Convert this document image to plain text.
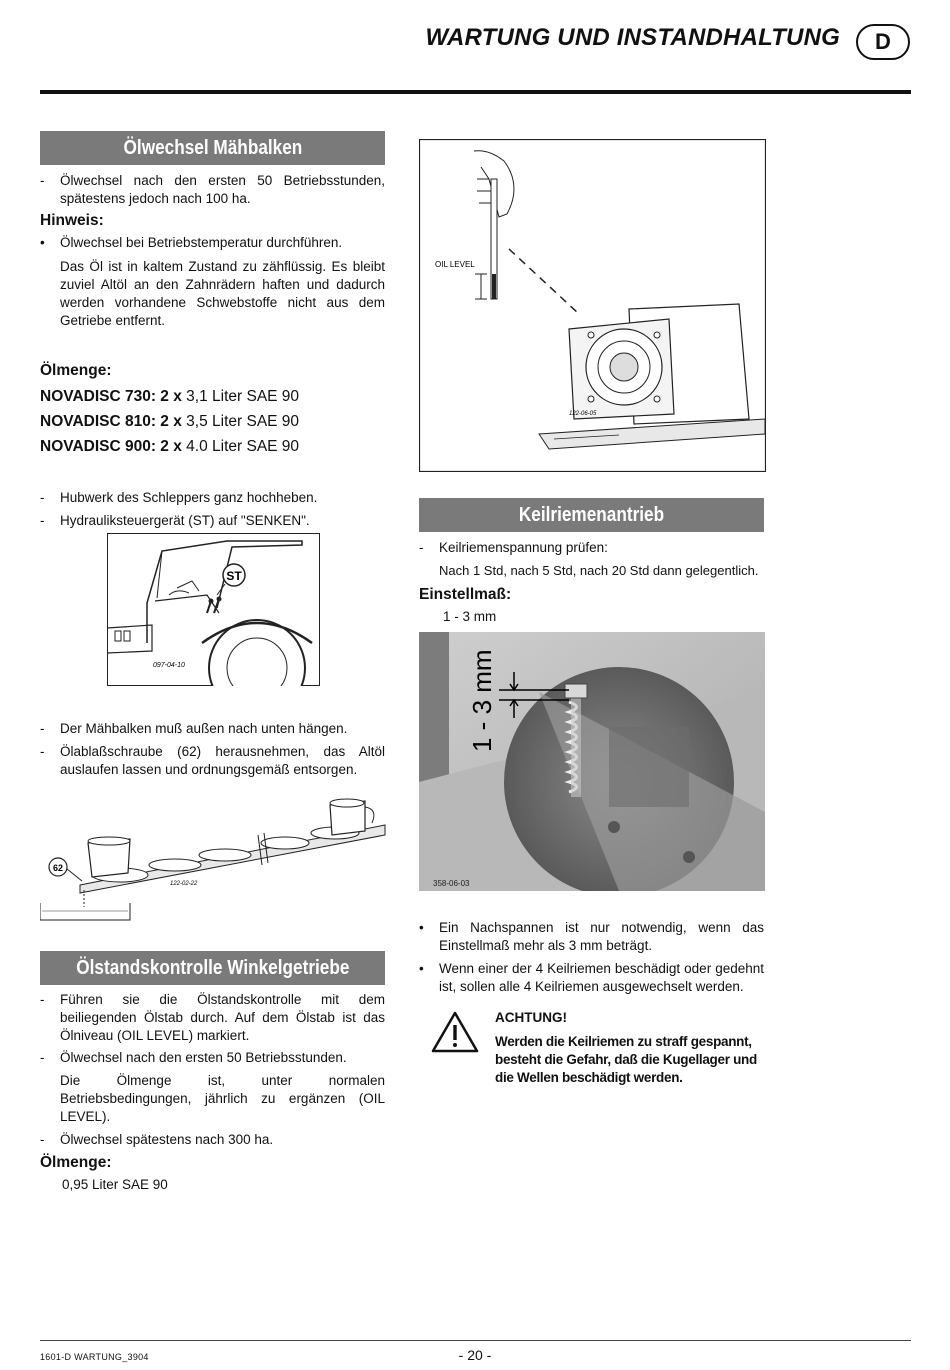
WARTUNG UND INSTANDHALTUNG	D
Ölwechsel Mähbalken
- Ölwechsel nach den ersten 50 Betriebsstunden, spätestens jedoch nach 100 ha.
Hinweis:
• Ölwechsel bei Betriebstemperatur durchführen.
Das Öl ist in kaltem Zustand zu zähflüssig. Es bleibt zuviel Altöl an den Zahnrädern haften und dadurch werden vorhandene Schwebstoffe nicht aus dem Getriebe entfernt.
Ölmenge:
NOVADISC 730: 2 x 3,1 Liter SAE 90
NOVADISC 810: 2 x 3,5 Liter SAE 90
NOVADISC 900: 2 x 4.0 Liter SAE 90
- Hubwerk des Schleppers ganz hochheben.
- Hydrauliksteuergerät (ST) auf "SENKEN".
ST
097-04-10
- Der Mähbalken muß außen nach unten hängen.
- Ölablaßschraube (62) herausnehmen, das Altöl auslaufen lassen und ordnungsgemäß entsorgen.
62
122-02-22
Ölstandskontrolle Winkelgetriebe
- Führen sie die Ölstandskontrolle mit dem beiliegenden Ölstab durch. Auf dem Ölstab ist das Ölniveau (OIL LEVEL) markiert.
- Ölwechsel nach den ersten 50 Betriebsstunden.
Die Ölmenge ist, unter normalen Betriebsbedingungen, jährlich zu ergänzen (OIL LEVEL).
- Ölwechsel spätestens nach 300 ha.
Ölmenge:
0,95 Liter SAE 90
OIL LEVEL
122-06-05
Keilriemenantrieb
- Keilriemenspannung prüfen:
Nach 1 Std, nach 5 Std, nach 20 Std dann gelegentlich.
Einstellmaß:
1 - 3 mm
1 - 3 mm
358-06-03
• Ein Nachspannen ist nur notwendig, wenn das Einstellmaß mehr als 3 mm beträgt.
• Wenn einer der 4 Keilriemen beschädigt oder gedehnt ist, sollen alle 4 Keilriemen ausgewechselt werden.
ACHTUNG!
Werden die Keilriemen zu straff gespannt, besteht die Gefahr, daß die Kugellager und die Wellen beschädigt werden.
1601-D WARTUNG_3904	- 20 -
